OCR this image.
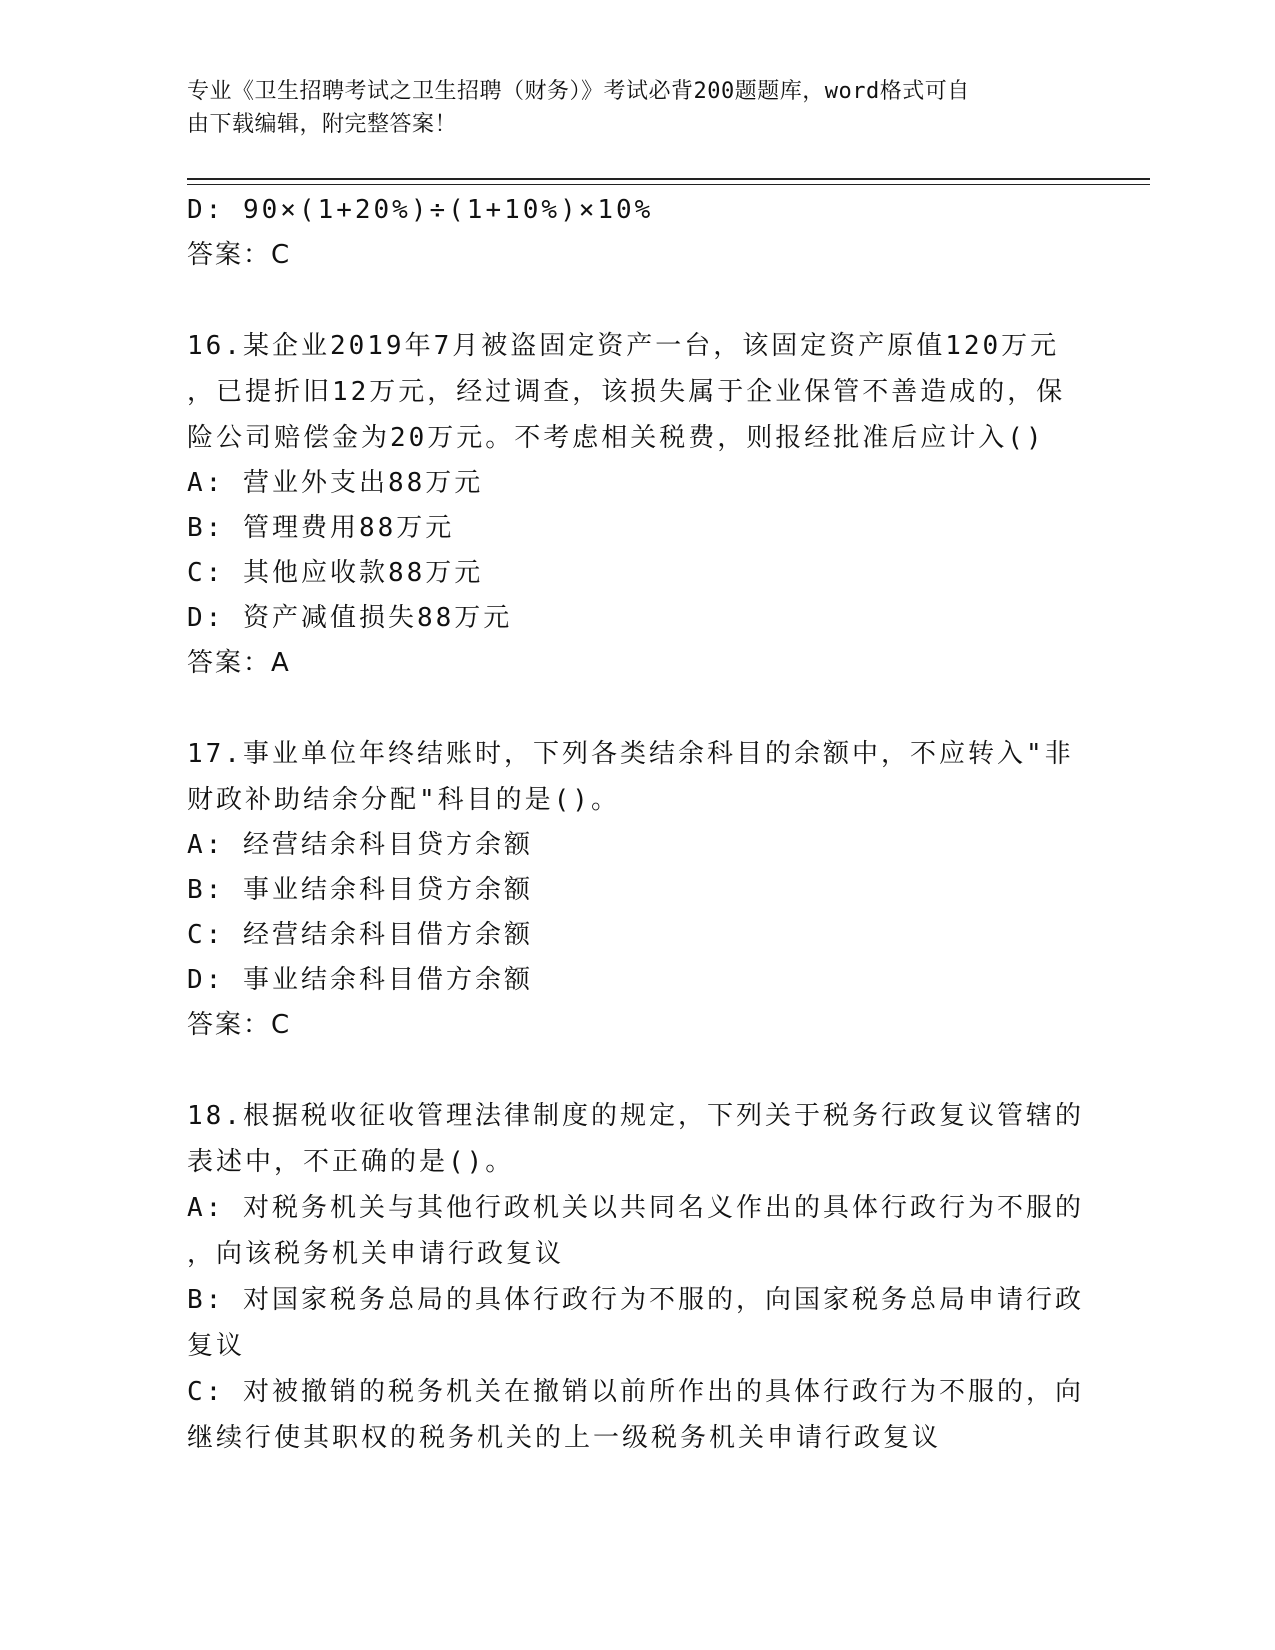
专业《卫生招聘考试之卫生招聘（财务）》考试必背200题题库，word格式可自
由下载编辑，附完整答案！
D: 90×(1+20%)÷(1+10%)×10%
答案：C
16.某企业2019年7月被盗固定资产一台，该固定资产原值120万元
，已提折旧12万元，经过调查，该损失属于企业保管不善造成的，保
险公司赔偿金为20万元。不考虑相关税费，则报经批准后应计入()
A: 营业外支出88万元
B: 管理费用88万元
C: 其他应收款88万元
D: 资产减值损失88万元
答案：A
17.事业单位年终结账时，下列各类结余科目的余额中，不应转入"非
财政补助结余分配"科目的是()。
A: 经营结余科目贷方余额
B: 事业结余科目贷方余额
C: 经营结余科目借方余额
D: 事业结余科目借方余额
答案：C
18.根据税收征收管理法律制度的规定，下列关于税务行政复议管辖的
表述中，不正确的是()。
A: 对税务机关与其他行政机关以共同名义作出的具体行政行为不服的
，向该税务机关申请行政复议
B: 对国家税务总局的具体行政行为不服的，向国家税务总局申请行政
复议
C: 对被撤销的税务机关在撤销以前所作出的具体行政行为不服的，向
继续行使其职权的税务机关的上一级税务机关申请行政复议
